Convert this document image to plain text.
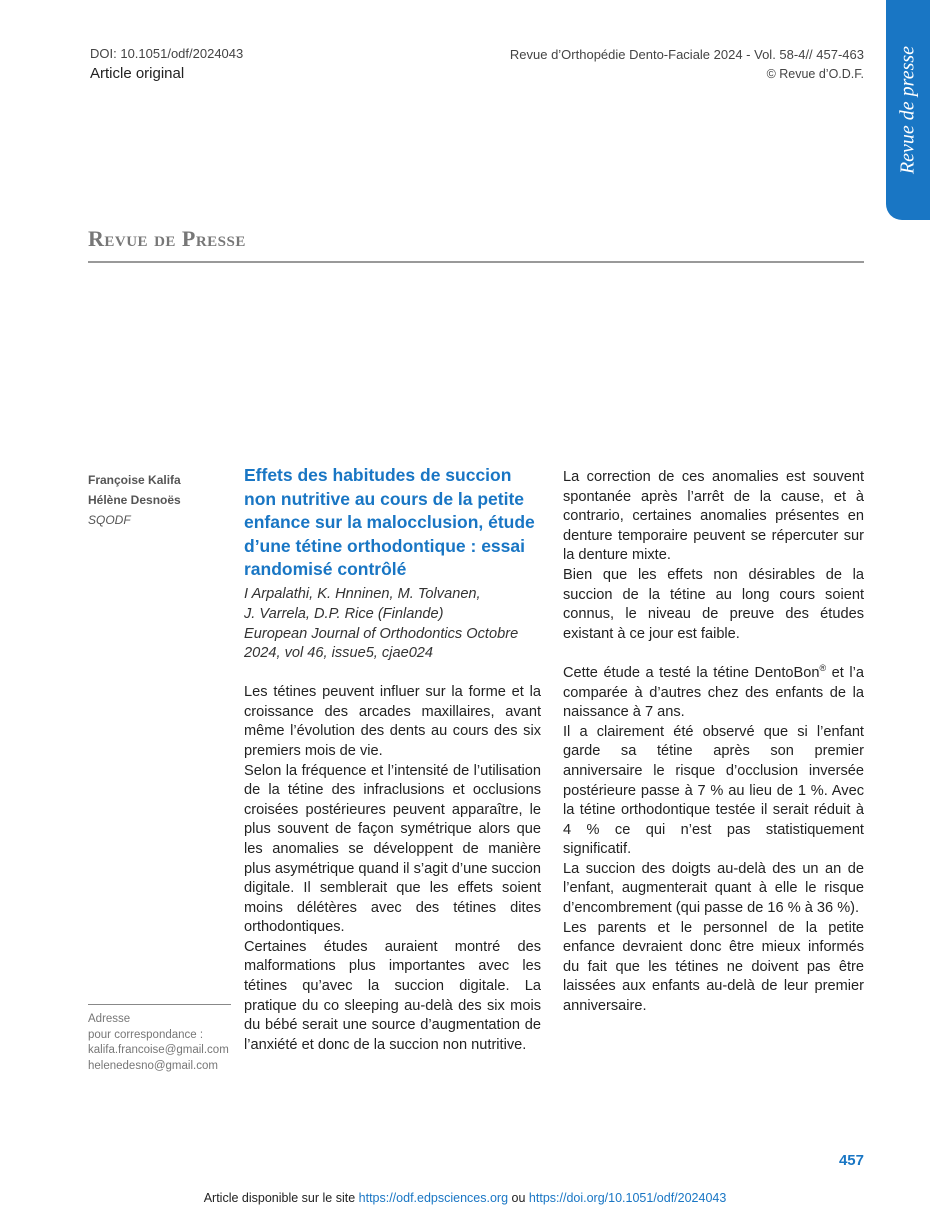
DOI: 10.1051/odf/2024043
Article original
Revue d’Orthopédie Dento-Faciale 2024 - Vol. 58-4// 457-463
© Revue d’O.D.F. Revue de presse
Revue de Presse
Françoise Kalifa
Hélène Desnoës
SQODF
Adresse
pour correspondance :
kalifa.francoise@gmail.com
helenedesno@gmail.com
Effets des habitudes de succion non nutritive au cours de la petite enfance sur la malocclusion, étude d’une tétine orthodontique : essai randomisé contrôlé
I Arpalathi, K. Hnninen, M. Tolvanen,
J. Varrela, D.P. Rice (Finlande)
European Journal of Orthodontics Octobre
2024, vol 46, issue5, cjae024

Les tétines peuvent influer sur la forme et la croissance des arcades maxillaires, avant même l’évolution des dents au cours des six premiers mois de vie.

Selon la fréquence et l’intensité de l’utilisation de la tétine des infraclusions et occlusions croisées postérieures peuvent apparaître, le plus souvent de façon symétrique alors que les anomalies se développent de manière plus asymétrique quand il s’agit d’une succion digitale. Il semblerait que les effets soient moins délétères avec des tétines dites orthodontiques.

Certaines études auraient montré des malformations plus importantes avec les tétines qu’avec la succion digitale. La pratique du co sleeping au-delà des six mois du bébé serait une source d’augmentation de l’anxiété et donc de la succion non nutritive.

La correction de ces anomalies est souvent spontanée après l’arrêt de la cause, et à contrario, certaines anomalies présentes en denture temporaire peuvent se répercuter sur la denture mixte.

Bien que les effets non désirables de la succion de la tétine au long cours soient connus, le niveau de preuve des études existant à ce jour est faible.

Cette étude a testé la tétine DentoBon® et l’a comparée à d’autres chez des enfants de la naissance à 7 ans.

Il a clairement été observé que si l’enfant garde sa tétine après son premier anniversaire le risque d’occlusion inversée postérieure passe à 7 % au lieu de 1 %. Avec la tétine orthodontique testée il serait réduit à 4 % ce qui n’est pas statistiquement significatif.

La succion des doigts au-delà des un an de l’enfant, augmenterait quant à elle le risque d’encombrement (qui passe de 16 % à 36 %).

Les parents et le personnel de la petite enfance devraient donc être mieux informés du fait que les tétines ne doivent pas être laissées aux enfants au-delà de leur premier anniversaire.

457
Article disponible sur le site https://odf.edpsciences.org ou https://doi.org/10.1051/odf/2024043
